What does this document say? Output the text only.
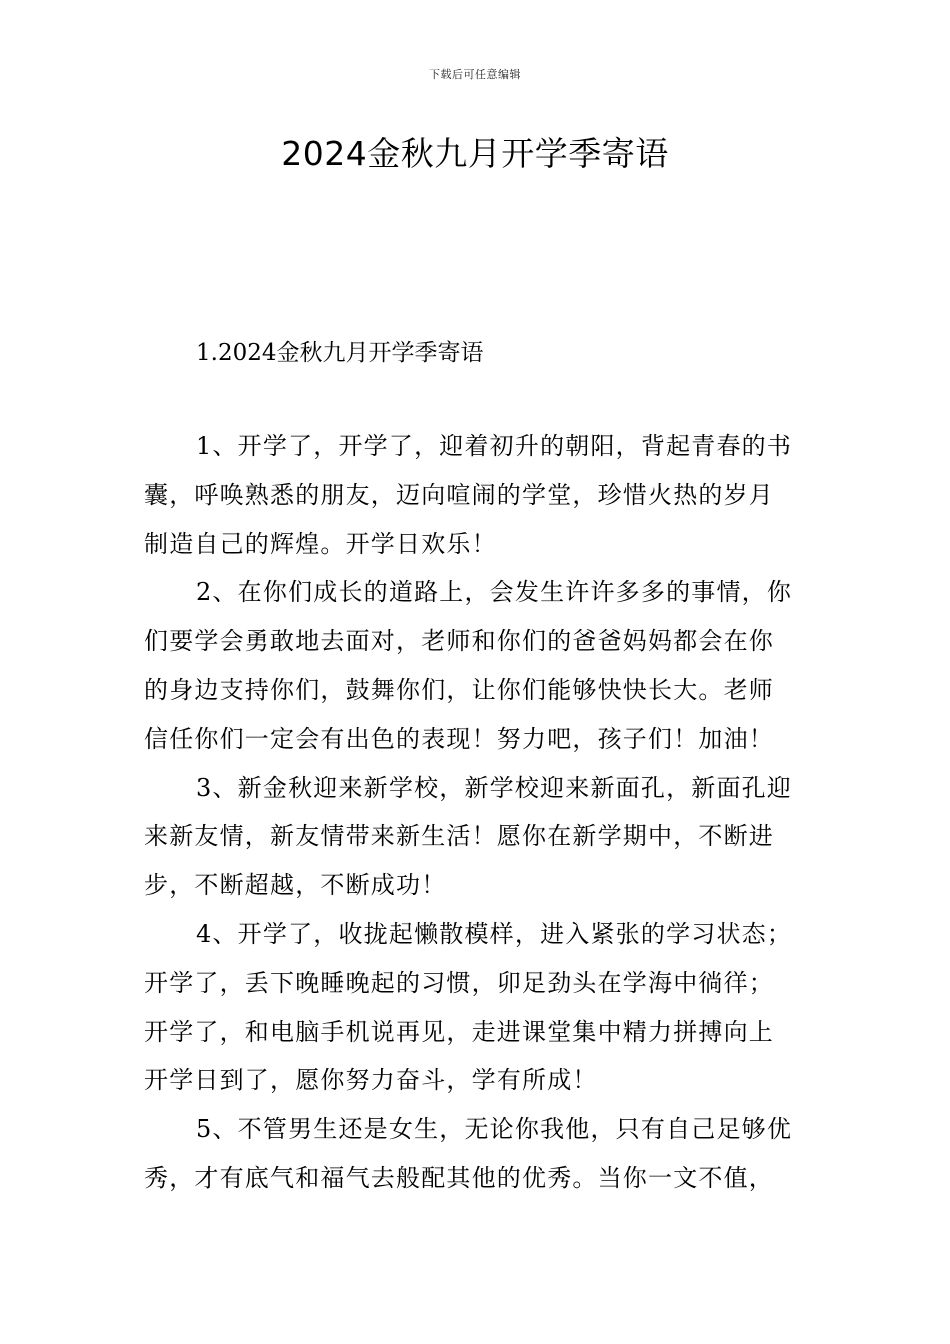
下载后可任意编辑
2024金秋九月开学季寄语
1.2024金秋九月开学季寄语

1、开学了，开学了，迎着初升的朝阳，背起青春的书
囊，呼唤熟悉的朋友，迈向喧闹的学堂，珍惜火热的岁月
制造自己的辉煌。开学日欢乐！

2、在你们成长的道路上，会发生许许多多的事情，你
们要学会勇敢地去面对，老师和你们的爸爸妈妈都会在你
的身边支持你们，鼓舞你们，让你们能够快快长大。老师
信任你们一定会有出色的表现！努力吧，孩子们！加油！

3、新金秋迎来新学校，新学校迎来新面孔，新面孔迎
来新友情，新友情带来新生活！愿你在新学期中，不断进
步，不断超越，不断成功！

4、开学了，收拢起懒散模样，进入紧张的学习状态；
开学了，丢下晚睡晚起的习惯，卯足劲头在学海中徜徉；
开学了，和电脑手机说再见，走进课堂集中精力拼搏向上
开学日到了，愿你努力奋斗，学有所成！

5、不管男生还是女生，无论你我他，只有自己足够优
秀，才有底气和福气去般配其他的优秀。当你一文不值，
